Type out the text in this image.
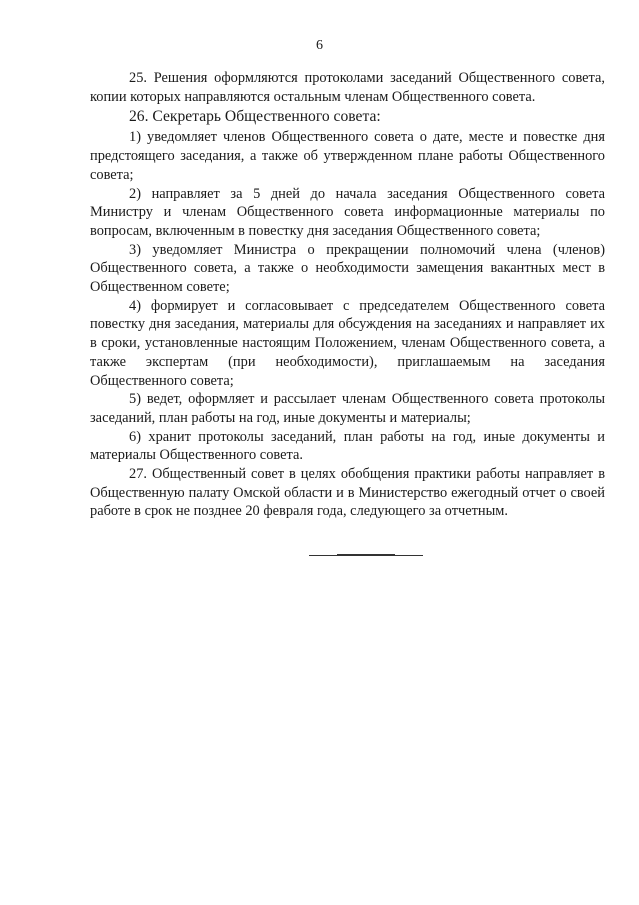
6

25. Решения оформляются протоколами заседаний Общественного совета, копии которых направляются остальным членам Общественного совета.

26. Секретарь Общественного совета:

1) уведомляет членов Общественного совета о дате, месте и повестке дня предстоящего заседания, а также об утвержденном плане работы Общественного совета;

2) направляет за 5 дней до начала заседания Общественного совета Министру и членам Общественного совета информационные материалы по вопросам, включенным в повестку дня заседания Общественного совета;

3) уведомляет Министра о прекращении полномочий члена (членов) Общественного совета, а также о необходимости замещения вакантных мест в Общественном совете;

4) формирует и согласовывает с председателем Общественного совета повестку дня заседания, материалы для обсуждения на заседаниях и направляет их в сроки, установленные настоящим Положением, членам Общественного совета, а также экспертам (при необходимости), приглашаемым на заседания Общественного совета;

5) ведет, оформляет и рассылает членам Общественного совета протоколы заседаний, план работы на год, иные документы и материалы;

6) хранит протоколы заседаний, план работы на год, иные документы и материалы Общественного совета.

27. Общественный совет в целях обобщения практики работы направляет в Общественную палату Омской области и в Министерство ежегодный отчет о своей работе в срок не позднее 20 февраля года, следующего за отчетным.
